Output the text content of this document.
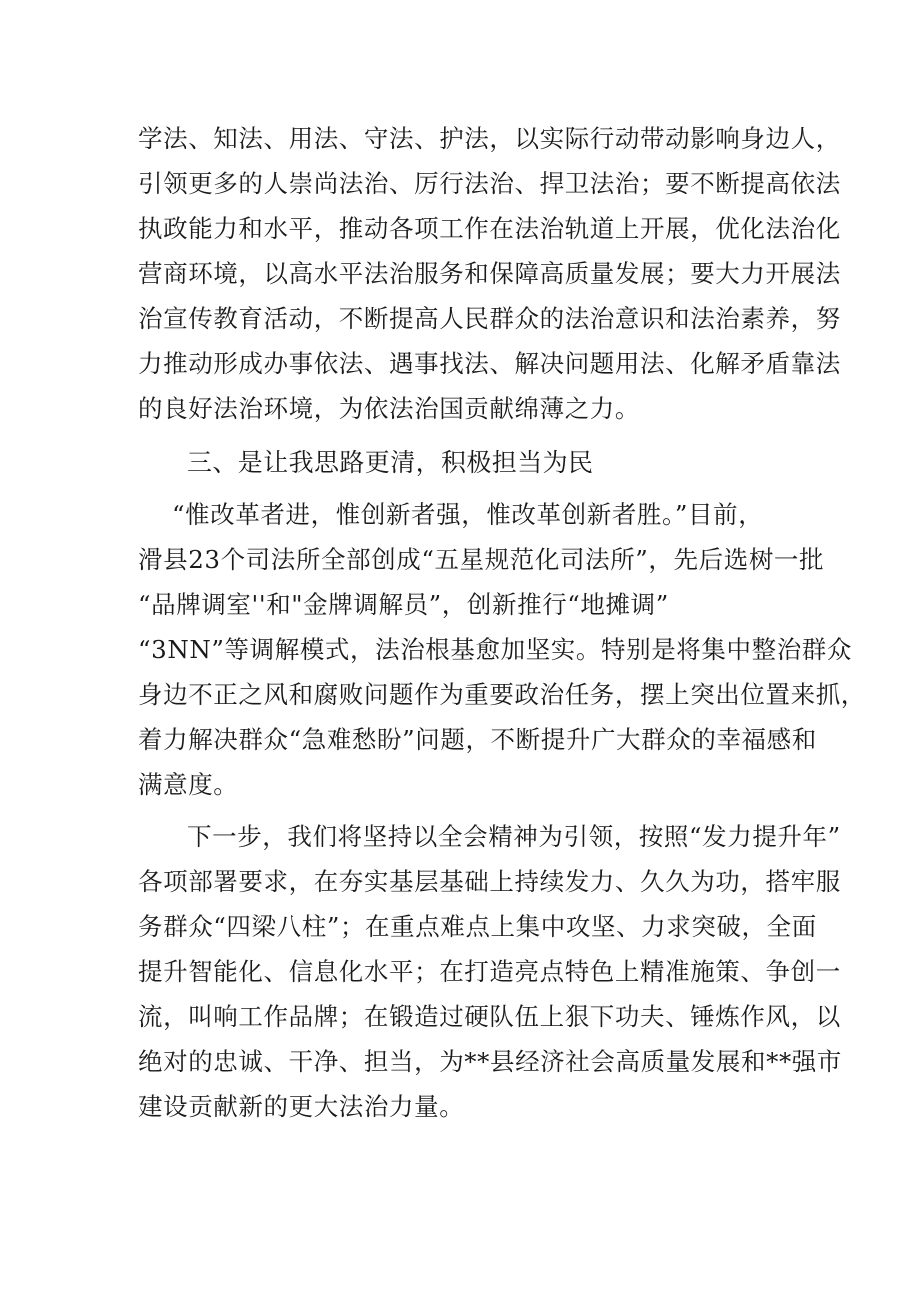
学法、知法、用法、守法、护法，以实际行动带动影响身边人，
引领更多的人崇尚法治、厉行法治、捍卫法治；要不断提高依法
执政能力和水平，推动各项工作在法治轨道上开展，优化法治化
营商环境，以高水平法治服务和保障高质量发展；要大力开展法
治宣传教育活动，不断提高人民群众的法治意识和法治素养，努
力推动形成办事依法、遇事找法、解决问题用法、化解矛盾靠法
的良好法治环境，为依法治国贡献绵薄之力。
三、是让我思路更清，积极担当为民
“惟改革者进，惟创新者强，惟改革创新者胜。”目前，
滑县23个司法所全部创成“五星规范化司法所”，先后选树一批
“品牌调室''和"金牌调解员”，创新推行“地摊调”
“3NN”等调解模式，法治根基愈加坚实。特别是将集中整治群众
身边不正之风和腐败问题作为重要政治任务，摆上突出位置来抓，
着力解决群众“急难愁盼”问题，不断提升广大群众的幸福感和
满意度。
下一步，我们将坚持以全会精神为引领，按照“发力提升年”
各项部署要求，在夯实基层基础上持续发力、久久为功，搭牢服
务群众“四梁八柱”；在重点难点上集中攻坚、力求突破，全面
提升智能化、信息化水平；在打造亮点特色上精准施策、争创一
流，叫响工作品牌；在锻造过硬队伍上狠下功夫、锤炼作风，以
绝对的忠诚、干净、担当，为**县经济社会高质量发展和**强市
建设贡献新的更大法治力量。
